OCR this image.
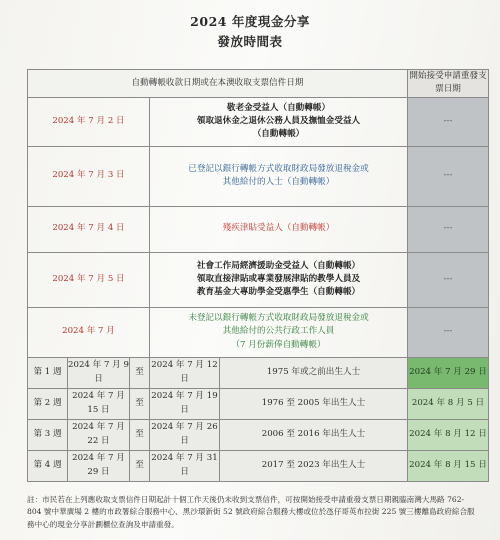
2024 年度現金分享
發放時間表
自動轉帳收款日期或在本澳收取支票信件日期					開始接受申請重發支票日期
2024 年 7 月 2 日			敬老金受益人（自動轉帳）
領取退休金之退休公務人員及撫恤金受益人
（自動轉帳）		---
2024 年 7 月 3 日			已登記以銀行轉帳方式收取財政局發放退稅金或
其他給付的人士（自動轉帳）		---
2024 年 7 月 4 日			殘疾津貼受益人（自動轉帳）		---
2024 年 7 月 5 日			社會工作局經濟援助金受益人（自動轉帳）
領取直接津貼或專業發展津貼的教學人員及
教育基金大專助學金受惠學生（自動轉帳）		---
2024 年 7 月			未登記以銀行轉帳方式收取財政局發放退稅金或
其他給付的公共行政工作人員
（7 月份薪俸自動轉帳）		---
第 1 週	2024 年 7 月 9 日	至	2024 年 7 月 12 日	1975 年或之前出生人士	2024 年 7 月 29 日
第 2 週	2024 年 7 月 15 日	至	2024 年 7 月 19 日	1976 至 2005 年出生人士	2024 年 8 月 5 日
第 3 週	2024 年 7 月 22 日	至	2024 年 7 月 26 日	2006 至 2016 年出生人士	2024 年 8 月 12 日
第 4 週	2024 年 7 月 29 日	至	2024 年 7 月 31 日	2017 至 2023 年出生人士	2024 年 8 月 15 日
註：市民若在上列應收取支票信件日期起計十個工作天後仍未收到支票信件，可按開始接受申請重發支票日期親臨南灣大馬路 762-
804 號中華廣場 2 樓的市政署綜合服務中心、黑沙環新街 52 號政府綜合服務大樓或位於氹仔哥英布拉街 225 號三樓離島政府綜合服
務中心的現金分享計劃櫃位查詢及申請重發。
